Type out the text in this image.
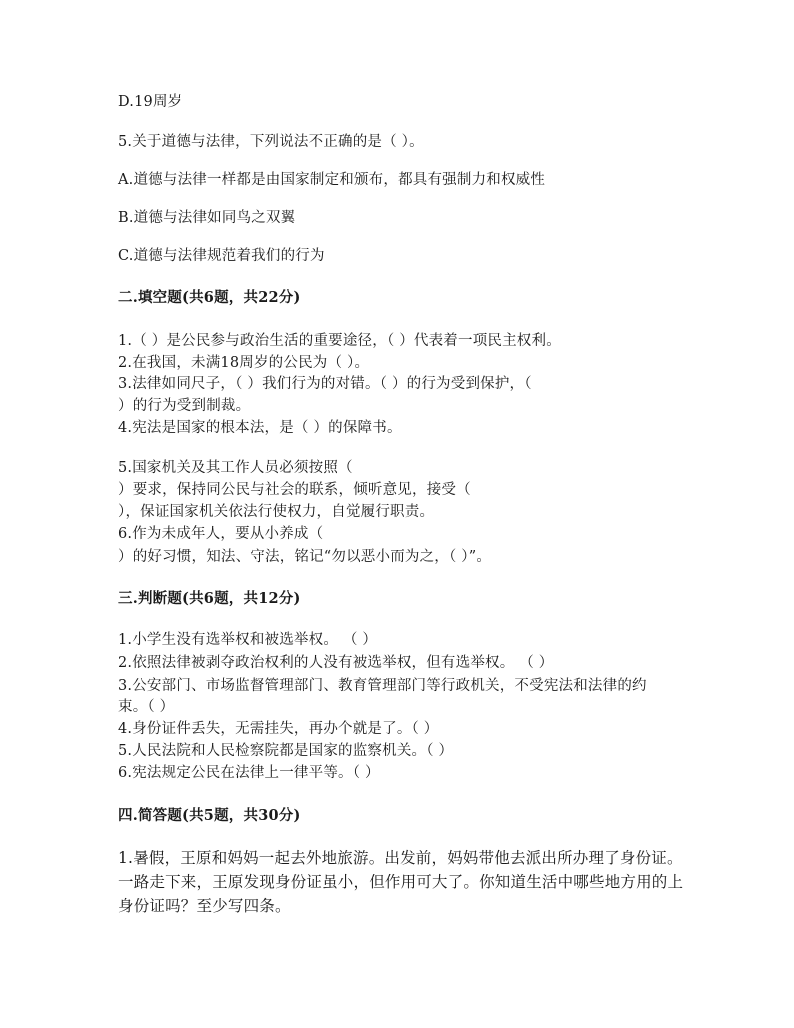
D.19周岁
5.关于道德与法律，下列说法不正确的是（ ）。
A.道德与法律一样都是由国家制定和颁布，都具有强制力和权威性
B.道德与法律如同鸟之双翼
C.道德与法律规范着我们的行为
二.填空题(共6题，共22分)
1.（ ）是公民参与政治生活的重要途径，（ ）代表着一项民主权利。
2.在我国，未满18周岁的公民为（ ）。
3.法律如同尺子，（ ）我们行为的对错。（ ）的行为受到保护，（
）的行为受到制裁。
4.宪法是国家的根本法，是（ ）的保障书。
5.国家机关及其工作人员必须按照（
）要求，保持同公民与社会的联系，倾听意见，接受（
），保证国家机关依法行使权力，自觉履行职责。
6.作为未成年人，要从小养成（
）的好习惯，知法、守法，铭记“勿以恶小而为之，（ ）”。
三.判断题(共6题，共12分)
1.小学生没有选举权和被选举权。 （ ）
2.依照法律被剥夺政治权利的人没有被选举权，但有选举权。 （ ）
3.公安部门、市场监督管理部门、教育管理部门等行政机关，不受宪法和法律的约
束。（ ）
4.身份证件丢失，无需挂失，再办个就是了。（ ）
5.人民法院和人民检察院都是国家的监察机关。（ ）
6.宪法规定公民在法律上一律平等。（ ）
四.简答题(共5题，共30分)
1.暑假，王原和妈妈一起去外地旅游。出发前，妈妈带他去派出所办理了身份证。
一路走下来，王原发现身份证虽小，但作用可大了。你知道生活中哪些地方用的上
身份证吗？至少写四条。
